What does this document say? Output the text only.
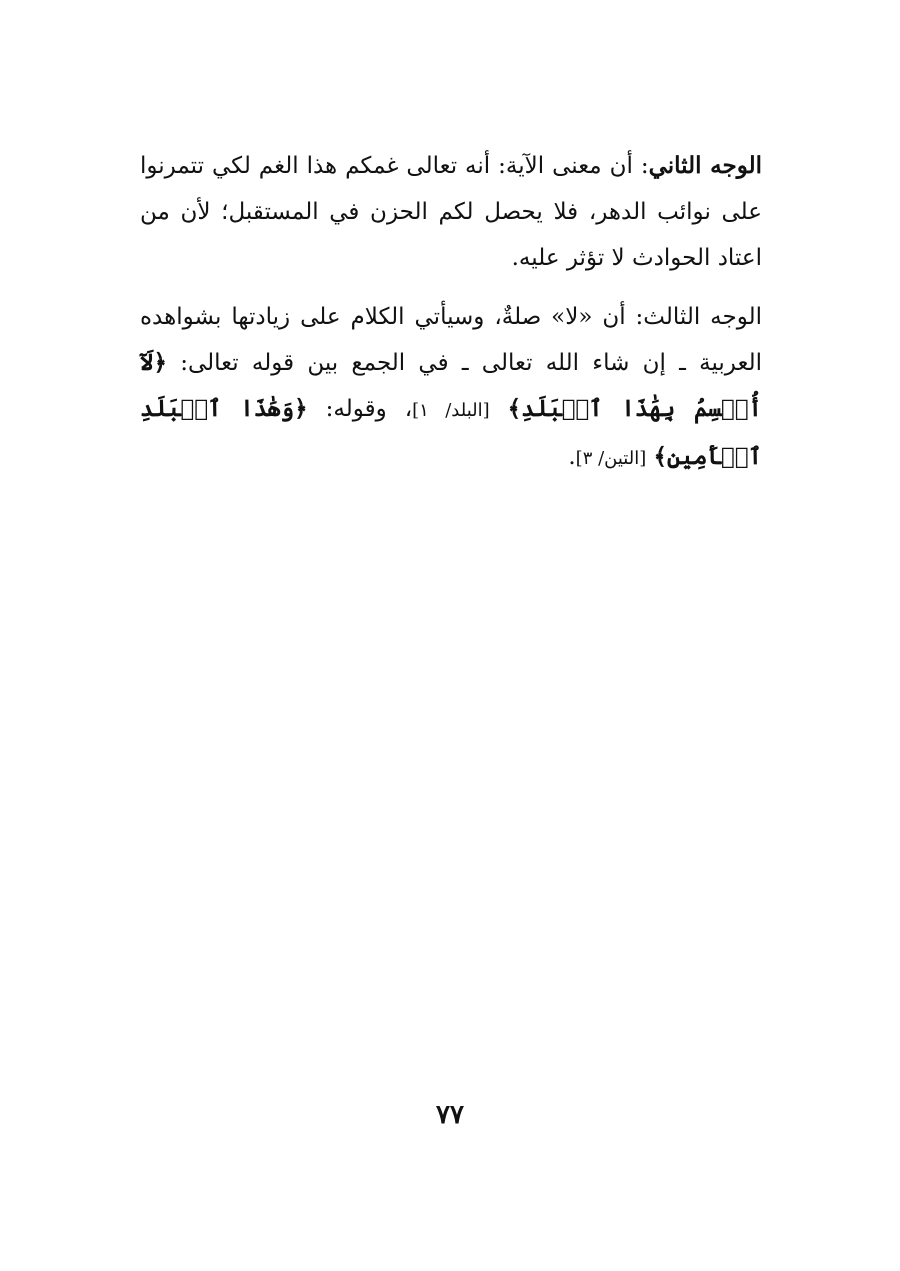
الوجه الثاني: أن معنى الآية: أنه تعالى غمكم هذا الغم لكي تتمرنوا على نوائب الدهر، فلا يحصل لكم الحزن في المستقبل؛ لأن من اعتاد الحوادث لا تؤثر عليه.

الوجه الثالث: أن «لا» صلةٌ، وسيأتي الكلام على زيادتها بشواهده العربية ـ إن شاء الله تعالى ـ في الجمع بين قوله تعالى: ﴿لَآ أُقۡسِمُ بِهَٰذَا ٱلۡبَلَدِ﴾ [البلد/ ١]، وقوله: ﴿وَهَٰذَا ٱلۡبَلَدِ ٱلۡأَمِينِ﴾ [التين/ ٣].

٧٧
